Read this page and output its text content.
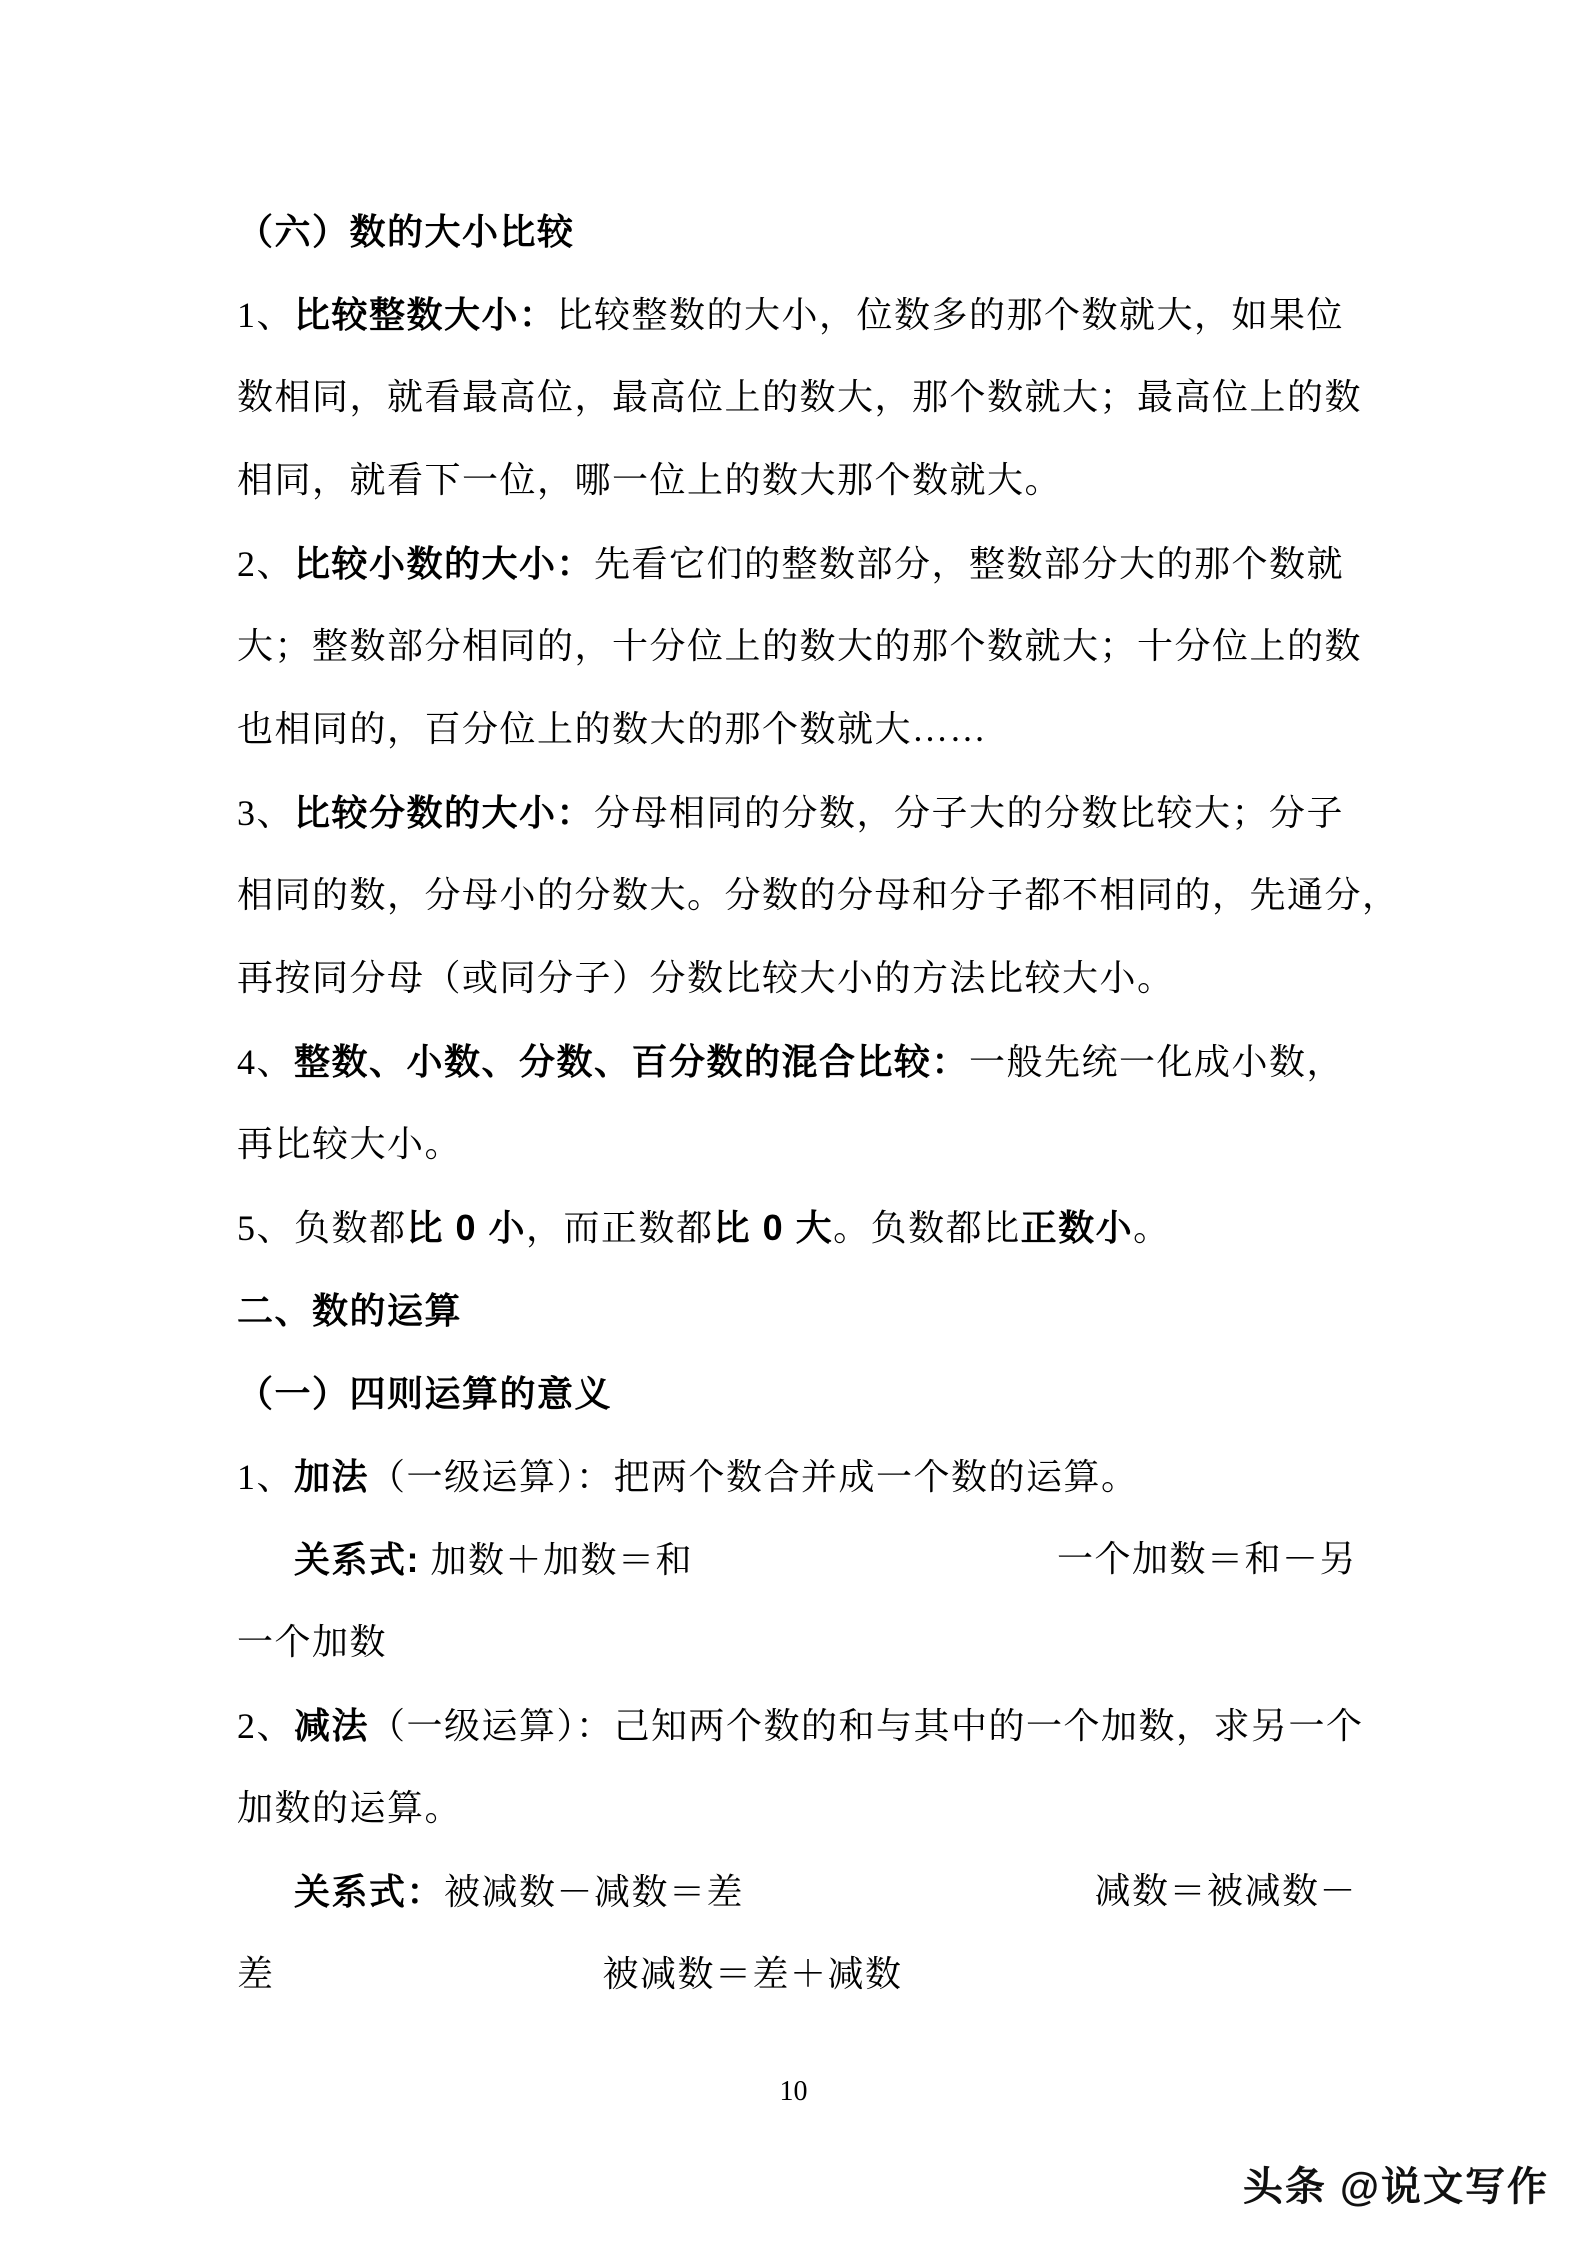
（六）数的大小比较
1、比较整数大小：比较整数的大小，位数多的那个数就大，如果位
数相同，就看最高位，最高位上的数大，那个数就大；最高位上的数
相同，就看下一位，哪一位上的数大那个数就大。
2、比较小数的大小：先看它们的整数部分，整数部分大的那个数就
大；整数部分相同的，十分位上的数大的那个数就大；十分位上的数
也相同的，百分位上的数大的那个数就大……
3、比较分数的大小：分母相同的分数，分子大的分数比较大；分子
相同的数，分母小的分数大。分数的分母和分子都不相同的，先通分，
再按同分母（或同分子）分数比较大小的方法比较大小。
4、整数、小数、分数、百分数的混合比较：一般先统一化成小数，
再比较大小。
5、负数都比 0 小，而正数都比 0 大。负数都比正数小。
二、数的运算
（一）四则运算的意义
1、加法（一级运算）：把两个数合并成一个数的运算。
关系式: 加数＋加数＝和	一个加数＝和－另
一个加数
2、减法（一级运算）：己知两个数的和与其中的一个加数，求另一个
加数的运算。
关系式：被减数－减数＝差	减数＝被减数－
差	被减数＝差＋减数
10
头条 @说文写作
